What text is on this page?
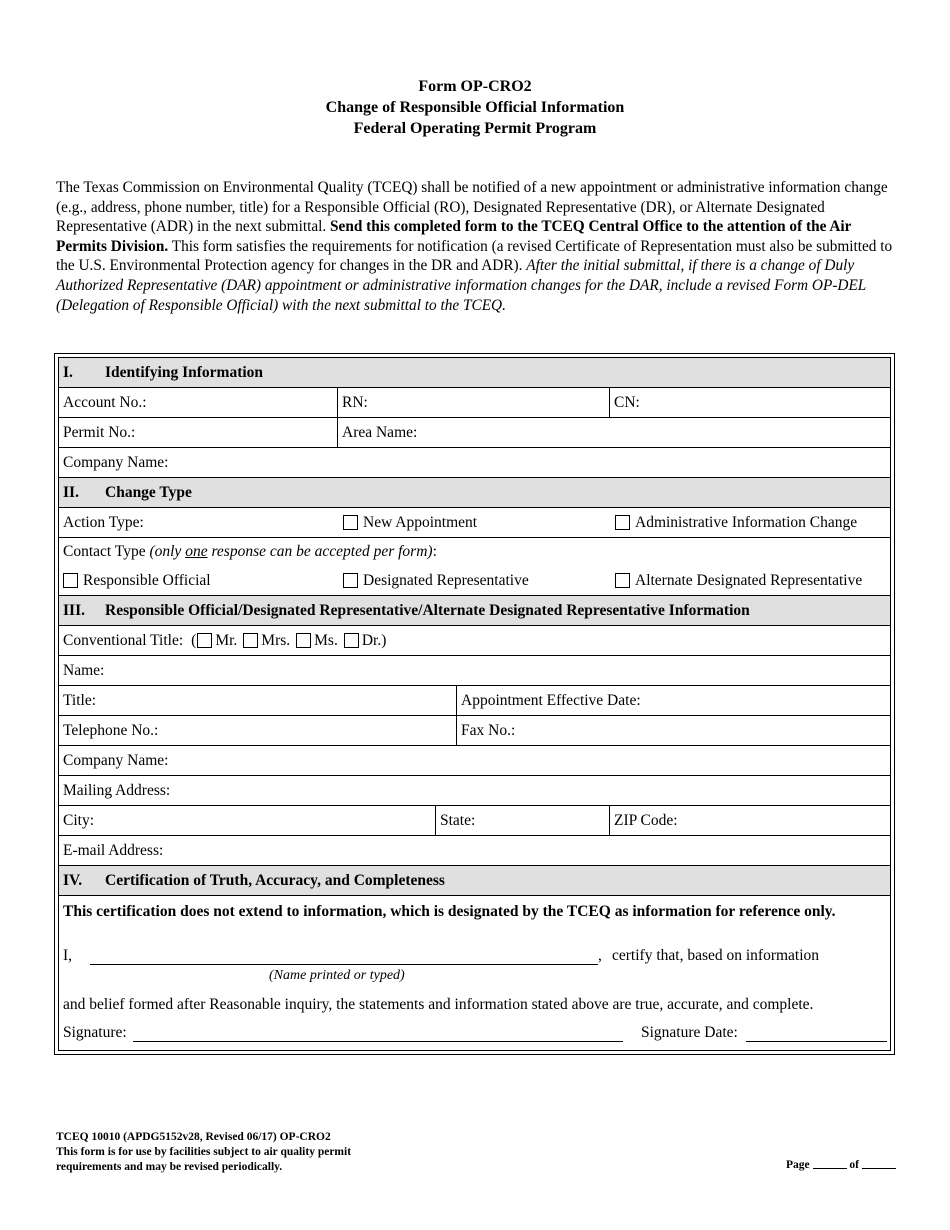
Form OP-CRO2
Change of Responsible Official Information
Federal Operating Permit Program
The Texas Commission on Environmental Quality (TCEQ) shall be notified of a new appointment or administrative information change (e.g., address, phone number, title) for a Responsible Official (RO), Designated Representative (DR), or Alternate Designated Representative (ADR) in the next submittal. Send this completed form to the TCEQ Central Office to the attention of the Air Permits Division. This form satisfies the requirements for notification (a revised Certificate of Representation must also be submitted to the U.S. Environmental Protection agency for changes in the DR and ADR). After the initial submittal, if there is a change of Duly Authorized Representative (DAR) appointment or administrative information changes for the DAR, include a revised Form OP-DEL (Delegation of Responsible Official) with the next submittal to the TCEQ.
I.	Identifying Information
Account No.:	RN:	CN:
Permit No.:	Area Name:
Company Name:
II.	Change Type
Action Type:	New Appointment	Administrative Information Change
Contact Type (only one response can be accepted per form):
Responsible Official	Designated Representative	Alternate Designated Representative
III.	Responsible Official/Designated Representative/Alternate Designated Representative Information
Conventional Title: ( Mr. Mrs. Ms. Dr.)
Name:
Title:	Appointment Effective Date:
Telephone No.:	Fax No.:
Company Name:
Mailing Address:
City:	State:	ZIP Code:
E-mail Address:
IV.	Certification of Truth, Accuracy, and Completeness
This certification does not extend to information, which is designated by the TCEQ as information for reference only.
I,	, certify that, based on information
(Name printed or typed)
and belief formed after Reasonable inquiry, the statements and information stated above are true, accurate, and complete.
Signature:	Signature Date:
TCEQ 10010 (APDG5152v28, Revised 06/17) OP-CRO2
This form is for use by facilities subject to air quality permit
requirements and may be revised periodically.	Page	of
